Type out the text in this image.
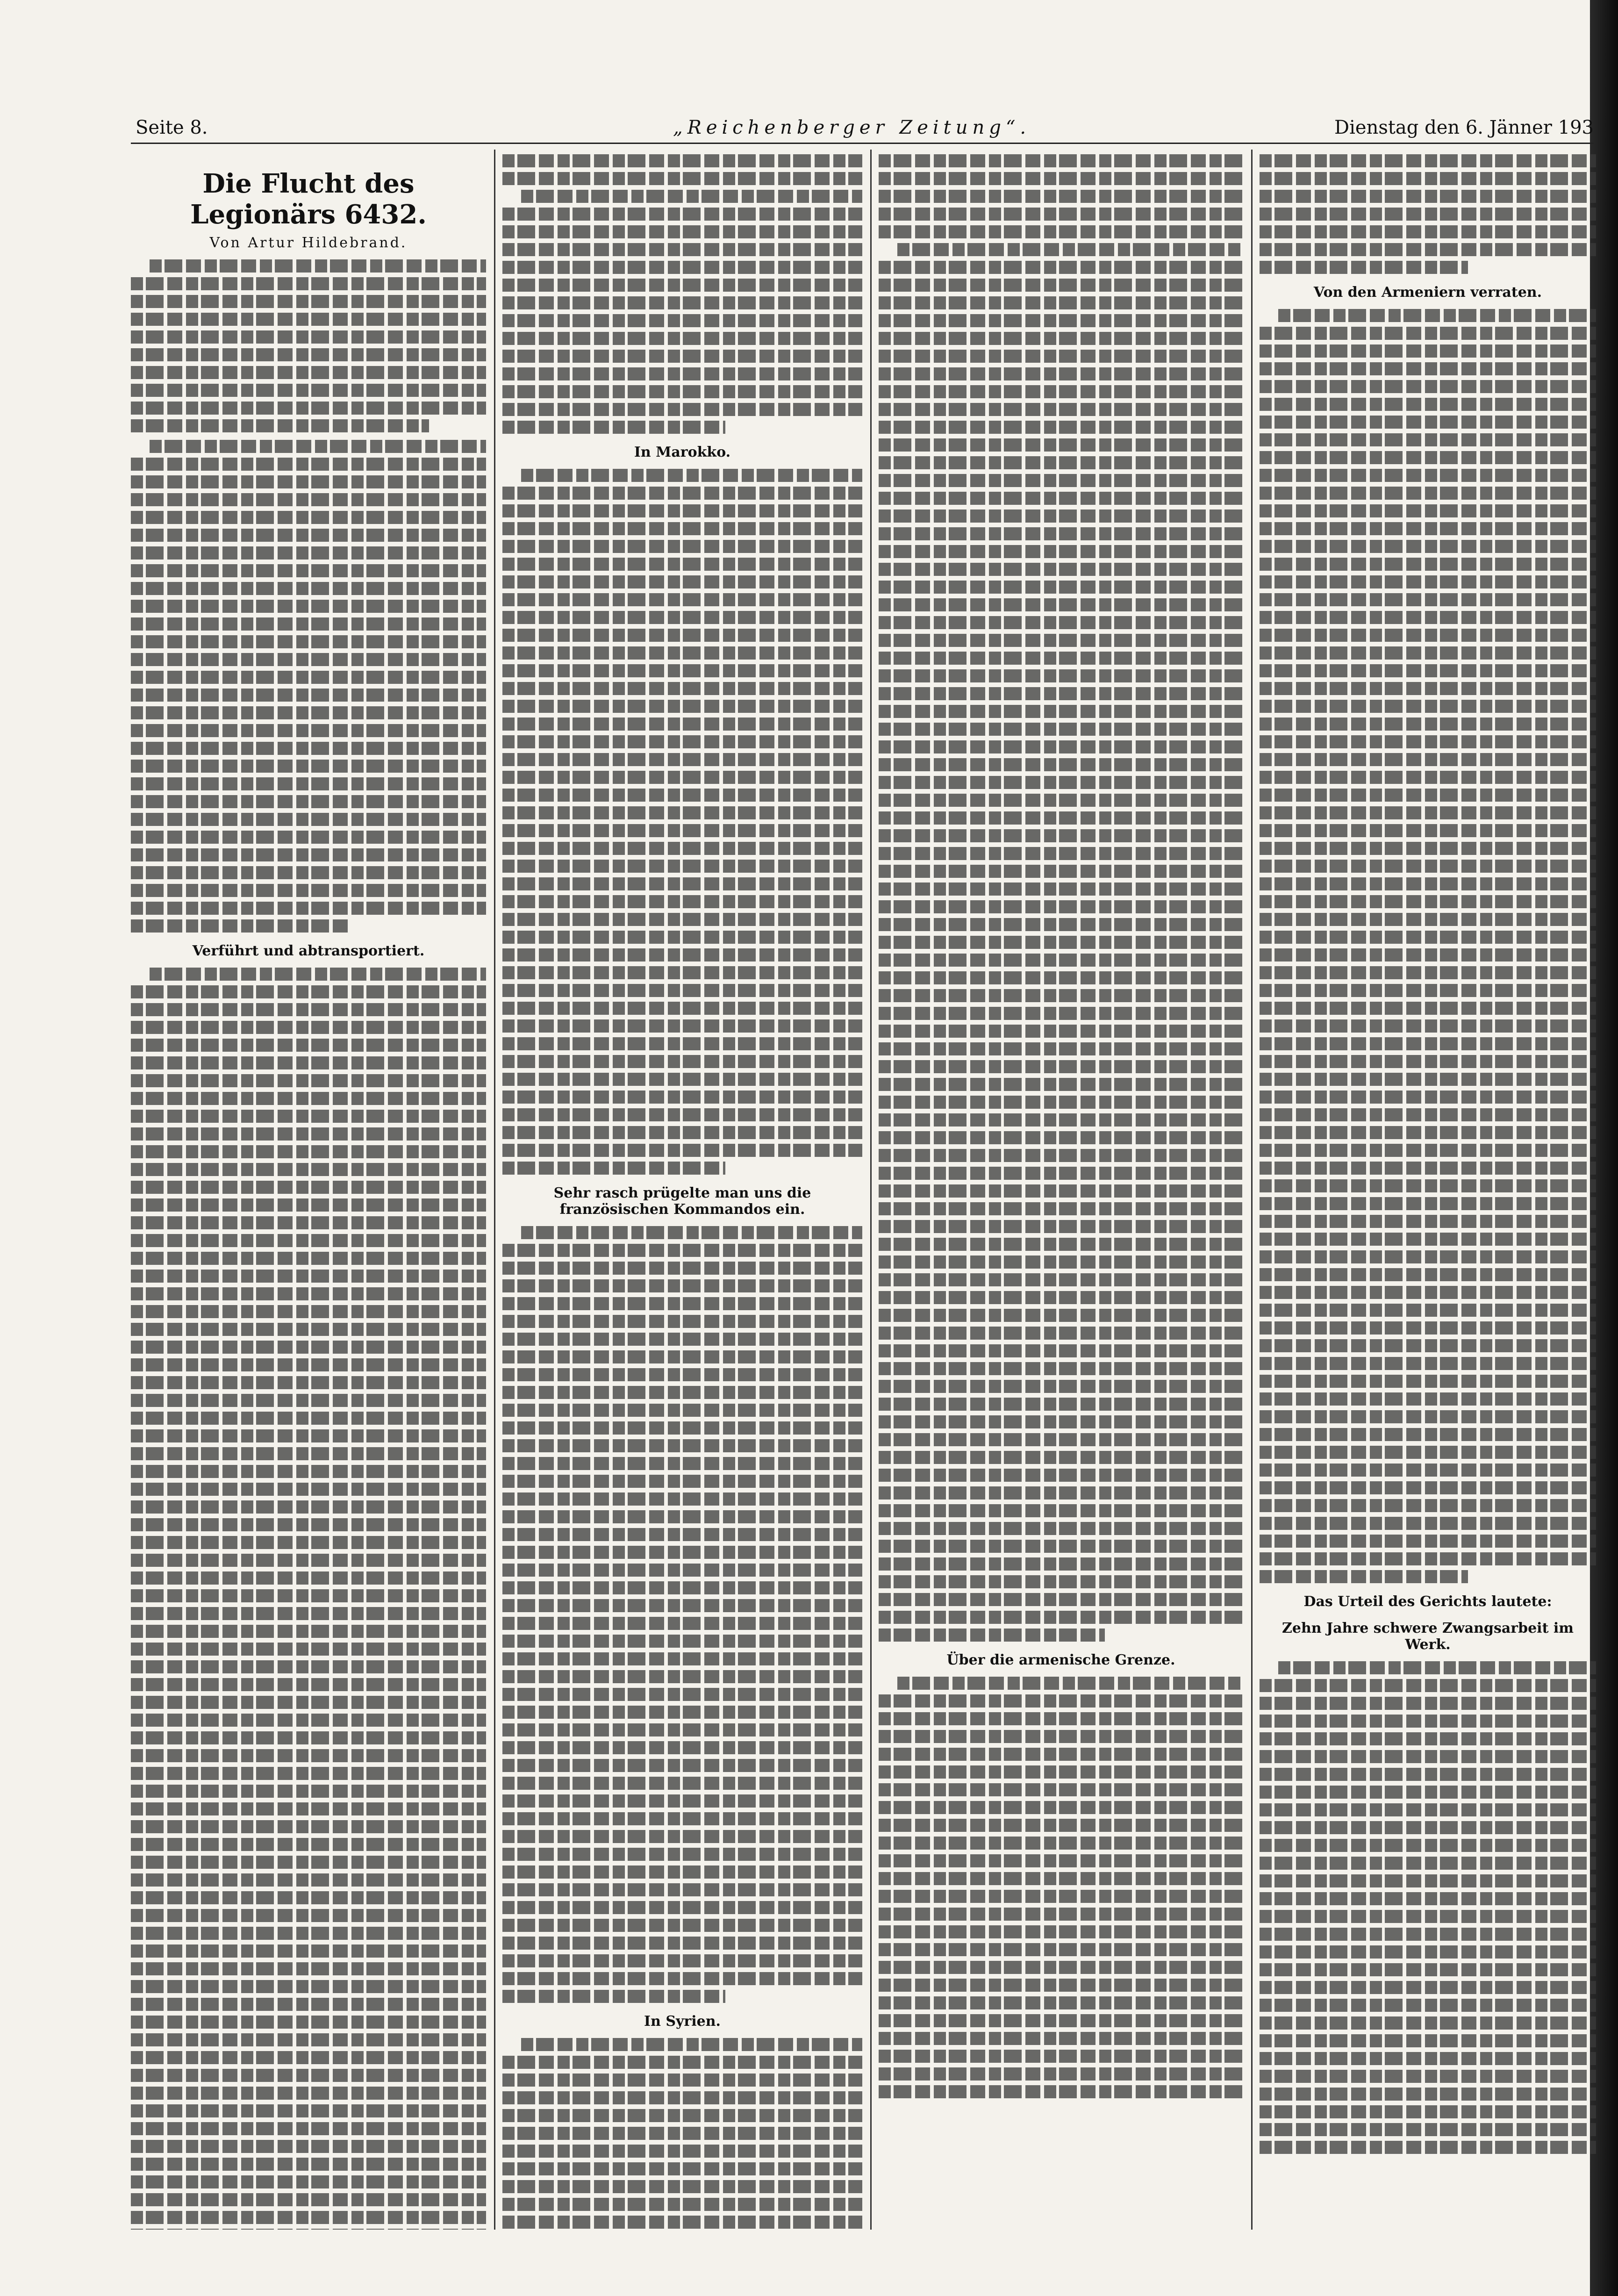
Seite 8.	„Reichenberger Zeitung“.	Dienstag den 6. Jänner 193
Die Flucht des Legionärs 6432.
Von Artur Hildebrand.
Verführt und abtransportiert.
In Marokko.
Sehr rasch prügelte man uns die französischen Kommandos ein.
In Syrien.
Über die armenische Grenze.
Von den Armeniern verraten.
Das Urteil des Gerichts lautete:
Zehn Jahre schwere Zwangsarbeit im Werk.
